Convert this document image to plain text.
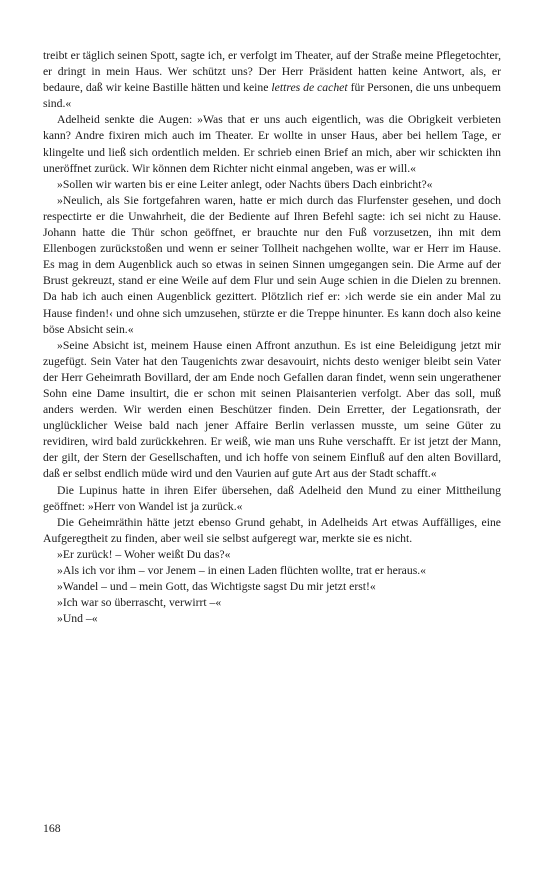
treibt er täglich seinen Spott, sagte ich, er verfolgt im Theater, auf der Straße meine Pflegetochter, er dringt in mein Haus. Wer schützt uns? Der Herr Präsident hatten keine Antwort, als, er bedaure, daß wir keine Bastille hätten und keine lettres de cachet für Personen, die uns unbequem sind.«

Adelheid senkte die Augen: »Was that er uns auch eigentlich, was die Obrigkeit verbieten kann? Andre fixiren mich auch im Theater. Er wollte in unser Haus, aber bei hellem Tage, er klingelte und ließ sich ordentlich melden. Er schrieb einen Brief an mich, aber wir schickten ihn uneröffnet zurück. Wir können dem Richter nicht einmal angeben, was er will.«

»Sollen wir warten bis er eine Leiter anlegt, oder Nachts übers Dach einbricht?«

»Neulich, als Sie fortgefahren waren, hatte er mich durch das Flurfenster gesehen, und doch respectirte er die Unwahrheit, die der Bediente auf Ihren Befehl sagte: ich sei nicht zu Hause. Johann hatte die Thür schon geöffnet, er brauchte nur den Fuß vorzusetzen, ihn mit dem Ellenbogen zurückstoßen und wenn er seiner Tollheit nachgehen wollte, war er Herr im Hause. Es mag in dem Augenblick auch so etwas in seinen Sinnen umgegangen sein. Die Arme auf der Brust gekreuzt, stand er eine Weile auf dem Flur und sein Auge schien in die Dielen zu brennen. Da hab ich auch einen Augenblick gezittert. Plötzlich rief er: ›ich werde sie ein ander Mal zu Hause finden!‹ und ohne sich umzusehen, stürzte er die Treppe hinunter. Es kann doch also keine böse Absicht sein.«

»Seine Absicht ist, meinem Hause einen Affront anzuthun. Es ist eine Beleidigung jetzt mir zugefügt. Sein Vater hat den Taugenichts zwar desavouirt, nichts desto weniger bleibt sein Vater der Herr Geheimrath Bovillard, der am Ende noch Gefallen daran findet, wenn sein ungerathener Sohn eine Dame insultirt, die er schon mit seinen Plaisanterien verfolgt. Aber das soll, muß anders werden. Wir werden einen Beschützer finden. Dein Erretter, der Legationsrath, der unglücklicher Weise bald nach jener Affaire Berlin verlassen musste, um seine Güter zu revidiren, wird bald zurückkehren. Er weiß, wie man uns Ruhe verschafft. Er ist jetzt der Mann, der gilt, der Stern der Gesellschaften, und ich hoffe von seinem Einfluß auf den alten Bovillard, daß er selbst endlich müde wird und den Vaurien auf gute Art aus der Stadt schafft.«

Die Lupinus hatte in ihren Eifer übersehen, daß Adelheid den Mund zu einer Mittheilung geöffnet: »Herr von Wandel ist ja zurück.«

Die Geheimräthin hätte jetzt ebenso Grund gehabt, in Adelheids Art etwas Auffälliges, eine Aufgeregtheit zu finden, aber weil sie selbst aufgeregt war, merkte sie es nicht.

»Er zurück! – Woher weißt Du das?«

»Als ich vor ihm – vor Jenem – in einen Laden flüchten wollte, trat er heraus.«

»Wandel – und – mein Gott, das Wichtigste sagst Du mir jetzt erst!«

»Ich war so überrascht, verwirrt –«

»Und –«

168
